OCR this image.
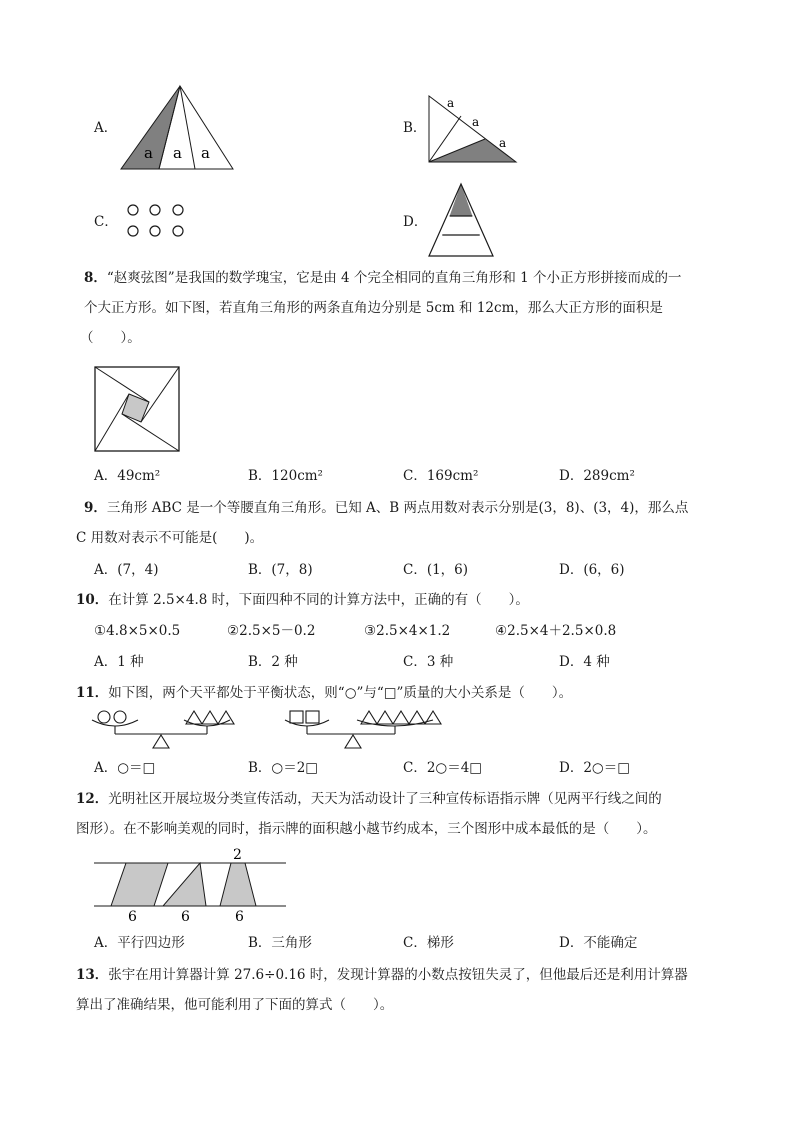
A．
a a a
B．
a
a
a
C．	D．
8．“赵爽弦图”是我国的数学瑰宝，它是由 4 个完全相同的直角三角形和 1 个小正方形拼接而成的一
个大正方形。如下图，若直角三角形的两条直角边分别是 5cm 和 12cm，那么大正方形的面积是
（　　）。
A．49cm²	B．120cm²	C．169cm²	D．289cm²
9．三角形 ABC 是一个等腰直角三角形。已知 A、B 两点用数对表示分别是(3，8)、(3，4)，那么点
C 用数对表示不可能是(　　)。
A．(7，4)	B．(7，8)	C．(1，6)	D．(6，6)
10．在计算 2.5×4.8 时，下面四种不同的计算方法中，正确的有（　　）。
①4.8×5×0.5	②2.5×5－0.2	③2.5×4×1.2	④2.5×4＋2.5×0.8
A．1 种	B．2 种	C．3 种	D．4 种
11．如下图，两个天平都处于平衡状态，则“○”与“□”质量的大小关系是（　　）。
A．○＝□	B．○＝2□	C．2○＝4□	D．2○＝□
12．光明社区开展垃圾分类宣传活动，天天为活动设计了三种宣传标语指示牌（见两平行线之间的
图形）。在不影响美观的同时，指示牌的面积越小越节约成本，三个图形中成本最低的是（　　）。
2
6	6	6
A．平行四边形	B．三角形	C．梯形	D．不能确定
13．张宇在用计算器计算 27.6÷0.16 时，发现计算器的小数点按钮失灵了，但他最后还是利用计算器
算出了准确结果，他可能利用了下面的算式（　　）。
